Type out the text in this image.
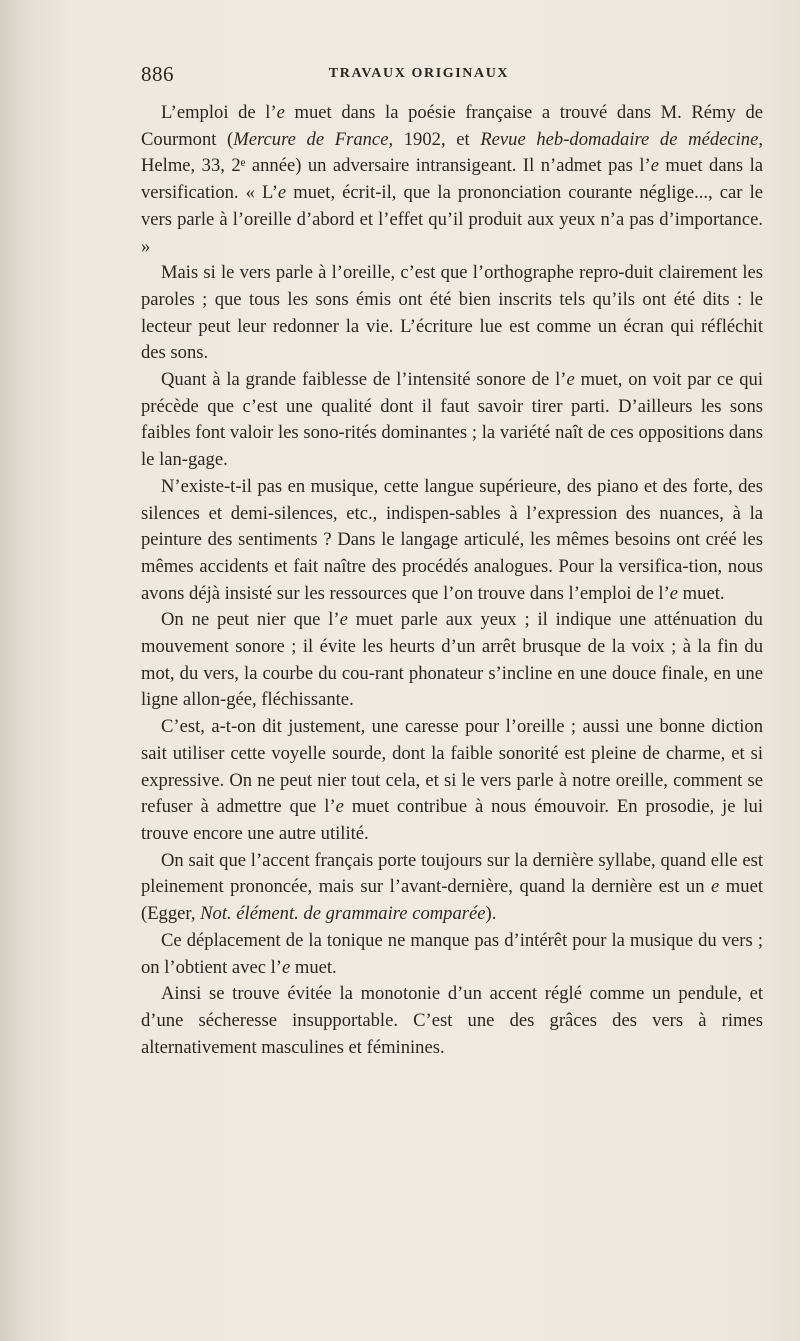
886	TRAVAUX ORIGINAUX

L’emploi de l’e muet dans la poésie française a trouvé dans M. Rémy de Courmont (Mercure de France, 1902, et Revue heb-domadaire de médecine, Helme, 33, 2ᵉ année) un adversaire intransigeant. Il n’admet pas l’e muet dans la versification. « L’e muet, écrit-il, que la prononciation courante néglige..., car le vers parle à l’oreille d’abord et l’effet qu’il produit aux yeux n’a pas d’importance. »

Mais si le vers parle à l’oreille, c’est que l’orthographe repro-duit clairement les paroles ; que tous les sons émis ont été bien inscrits tels qu’ils ont été dits : le lecteur peut leur redonner la vie. L’écriture lue est comme un écran qui réfléchit des sons.

Quant à la grande faiblesse de l’intensité sonore de l’e muet, on voit par ce qui précède que c’est une qualité dont il faut savoir tirer parti. D’ailleurs les sons faibles font valoir les sono-rités dominantes ; la variété naît de ces oppositions dans le lan-gage.

N’existe-t-il pas en musique, cette langue supérieure, des piano et des forte, des silences et demi-silences, etc., indispen-sables à l’expression des nuances, à la peinture des sentiments ? Dans le langage articulé, les mêmes besoins ont créé les mêmes accidents et fait naître des procédés analogues. Pour la versifica-tion, nous avons déjà insisté sur les ressources que l’on trouve dans l’emploi de l’e muet.

On ne peut nier que l’e muet parle aux yeux ; il indique une atténuation du mouvement sonore ; il évite les heurts d’un arrêt brusque de la voix ; à la fin du mot, du vers, la courbe du cou-rant phonateur s’incline en une douce finale, en une ligne allon-gée, fléchissante.

C’est, a-t-on dit justement, une caresse pour l’oreille ; aussi une bonne diction sait utiliser cette voyelle sourde, dont la faible sonorité est pleine de charme, et si expressive. On ne peut nier tout cela, et si le vers parle à notre oreille, comment se refuser à admettre que l’e muet contribue à nous émouvoir. En prosodie, je lui trouve encore une autre utilité.

On sait que l’accent français porte toujours sur la dernière syllabe, quand elle est pleinement prononcée, mais sur l’avant-dernière, quand la dernière est un e muet (Egger, Not. élément. de grammaire comparée).

Ce déplacement de la tonique ne manque pas d’intérêt pour la musique du vers ; on l’obtient avec l’e muet.

Ainsi se trouve évitée la monotonie d’un accent réglé comme un pendule, et d’une sécheresse insupportable. C’est une des grâces des vers à rimes alternativement masculines et féminines.
